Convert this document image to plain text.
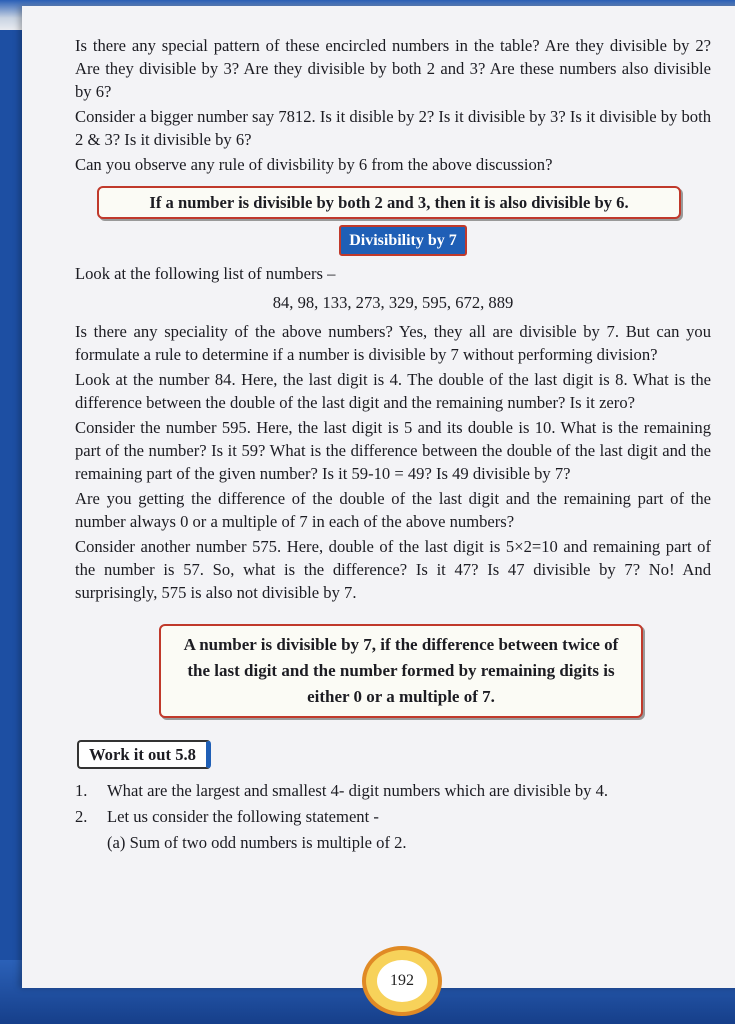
Is there any special pattern of these encircled numbers in the table? Are they divisible by 2? Are they divisible by 3? Are they divisible by both 2 and 3? Are these numbers also divisible by 6?

Consider a bigger number say 7812. Is it disible by 2? Is it divisible by 3? Is it divisible by both 2 & 3? Is it divisible by 6?

Can you observe any rule of divisbility by 6 from the above discussion?

If a number is divisible by both 2 and 3, then it is also divisible by 6.
Divisibility by 7

Look at the following list of numbers –

84, 98, 133, 273, 329, 595, 672, 889

Is there any speciality of the above numbers? Yes, they all are divisible by 7. But can you formulate a rule to determine if a number is divisible by 7 without performing division?

Look at the number 84. Here, the last digit is 4. The double of the last digit is 8. What is the difference between the double of the last digit and the remaining number? Is it zero?

Consider the number 595. Here, the last digit is 5 and its double is 10. What is the remaining part of the number? Is it 59? What is the difference between the double of the last digit and the remaining part of the given number? Is it 59-10 = 49? Is 49 divisible by 7?

Are you getting the difference of the double of the last digit and the remaining part of the number always 0 or a multiple of 7 in each of the above numbers?

Consider another number 575. Here, double of the last digit is 5×2=10 and remaining part of the number is 57. So, what is the difference? Is it 47? Is 47 divisible by 7? No! And surprisingly, 575 is also not divisible by 7.

A number is divisible by 7, if the difference between twice of the last digit and the number formed by remaining digits is either 0 or a multiple of 7.
Work it out 5.8
1.	What are the largest and smallest 4- digit numbers which are divisible by 4.
2.	Let us consider the following statement -
(a) Sum of two odd numbers is multiple of 2.
192
